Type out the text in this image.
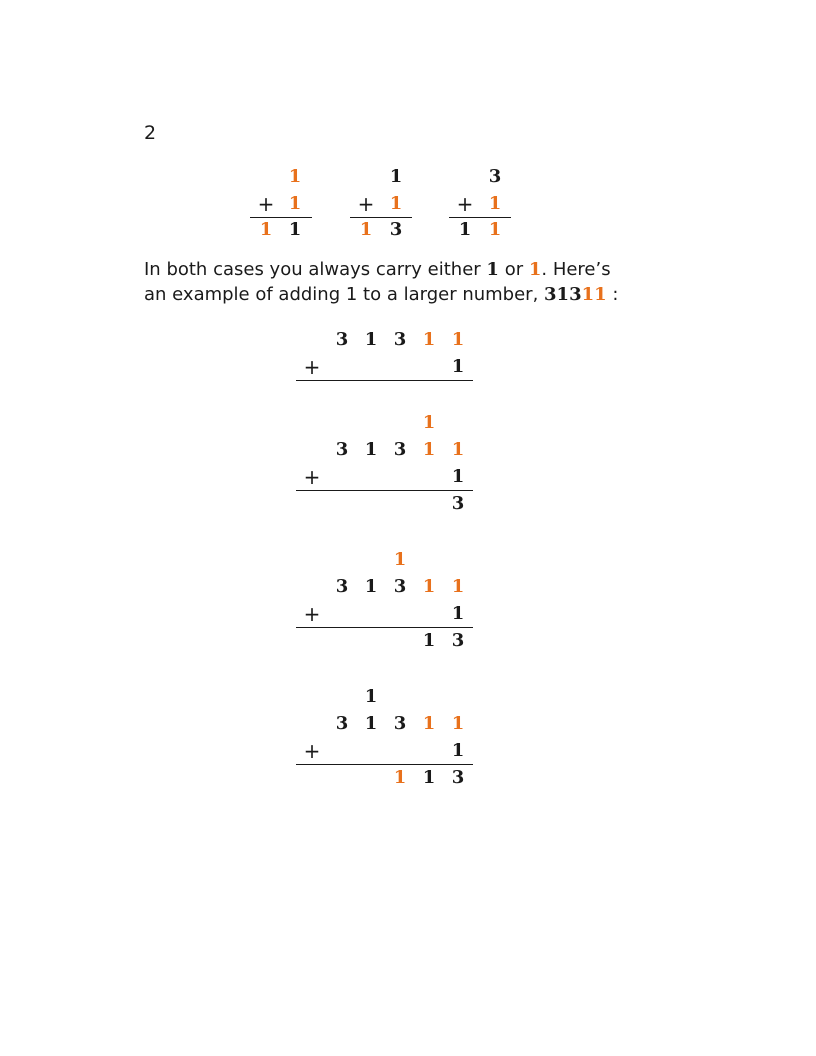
2
1
+ 1
1 1
1
+ 1
1 3
3
+ 1
1 1
In both cases you always carry either 1 or 1. Here’s
an example of adding 1 to a larger number, 31311 :
3 1 3 1 1
+	1
1
3 1 3 1 1
+	1
3
1
3 1 3 1 1
+	1
1 3
1
3 1 3 1 1
+	1
1 1 3
